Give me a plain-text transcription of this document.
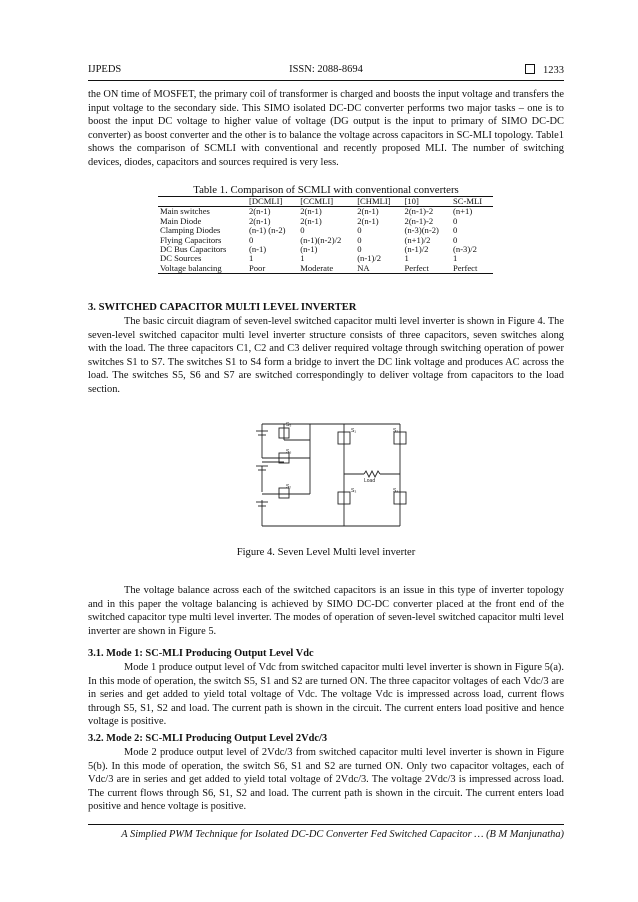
IJPEDS	ISSN: 2088-8694	1233

the ON time of MOSFET, the primary coil of transformer is charged and boosts the input voltage and transfers the input voltage to the secondary side. This SIMO isolated DC-DC converter performs two major tasks – one is to boost the input DC voltage to higher value of voltage (DG output is the input to primary of SIMO DC-DC converter) as boost converter and the other is to balance the voltage across capacitors in SC-MLI topology. Table1 shows the comparison of SCMLI with conventional and recently proposed MLI. The number of switching devices, diodes, capacitors and sources required is very less.

Table 1. Comparison of SCMLI with conventional converters
	[DCMLI]	[CCMLI]	[CHMLI]	[10]	SC-MLI
Main switches	2(n-1)	2(n-1)	2(n-1)	2(n-1)-2	(n+1)
Main Diode	2(n-1)	2(n-1)	2(n-1)	2(n-1)-2	0
Clamping Diodes	(n-1) (n-2)	0	0	(n-3)(n-2)	0
Flying Capacitors	0	(n-1)(n-2)/2	0	(n+1)/2	0
DC Bus Capacitors	(n-1)	(n-1)	0	(n-1)/2	(n-3)/2
DC Sources	1	1	(n-1)/2	1	1
Voltage balancing	Poor	Moderate	NA	Perfect	Perfect
3. SWITCHED CAPACITOR MULTI LEVEL INVERTER

The basic circuit diagram of seven-level switched capacitor multi level inverter is shown in Figure 4. The seven-level switched capacitor multi level inverter structure consists of three capacitors, seven switches along with the load. The three capacitors C1, C2 and C3 deliver required voltage through switching operation of power switches S1 to S7. The switches S1 to S4 form a bridge to invert the DC link voltage and produces AC across the load. The switches S5, S6 and S7 are switched correspondingly to deliver voltage from capacitors to the load section.

S₅
S₆
S₇
S₁	S₂
S₃	S₄
Load
Figure 4. Seven Level Multi level inverter

The voltage balance across each of the switched capacitors is an issue in this type of inverter topology and in this paper the voltage balancing is achieved by SIMO DC-DC converter placed at the front end of the switched capacitor type multi level inverter. The modes of operation of seven-level switched capacitor multi level inverter are shown in Figure 5.

3.1. Mode 1: SC-MLI Producing Output Level Vdc

Mode 1 produce output level of Vdc from switched capacitor multi level inverter is shown in Figure 5(a). In this mode of operation, the switch S5, S1 and S2 are turned ON. The three capacitor voltages of each Vdc/3 are in series and get added to yield total voltage of Vdc. The voltage Vdc is impressed across load, current flows through S5, S1, S2 and load. The current path is shown in the circuit. The current enters load positive and hence voltage is positive.

3.2. Mode 2: SC-MLI Producing Output Level 2Vdc/3

Mode 2 produce output level of 2Vdc/3 from switched capacitor multi level inverter is shown in Figure 5(b). In this mode of operation, the switch S6, S1 and S2 are turned ON. Only two capacitor voltages, each of Vdc/3 are in series and get added to yield total voltage of 2Vdc/3. The voltage 2Vdc/3 is impressed across load. The current flows through S6, S1, S2 and load. The current path is shown in the circuit. The current enters load positive and hence voltage is positive.

A Simplied PWM Technique for Isolated DC-DC Converter Fed Switched Capacitor … (B M Manjunatha)
